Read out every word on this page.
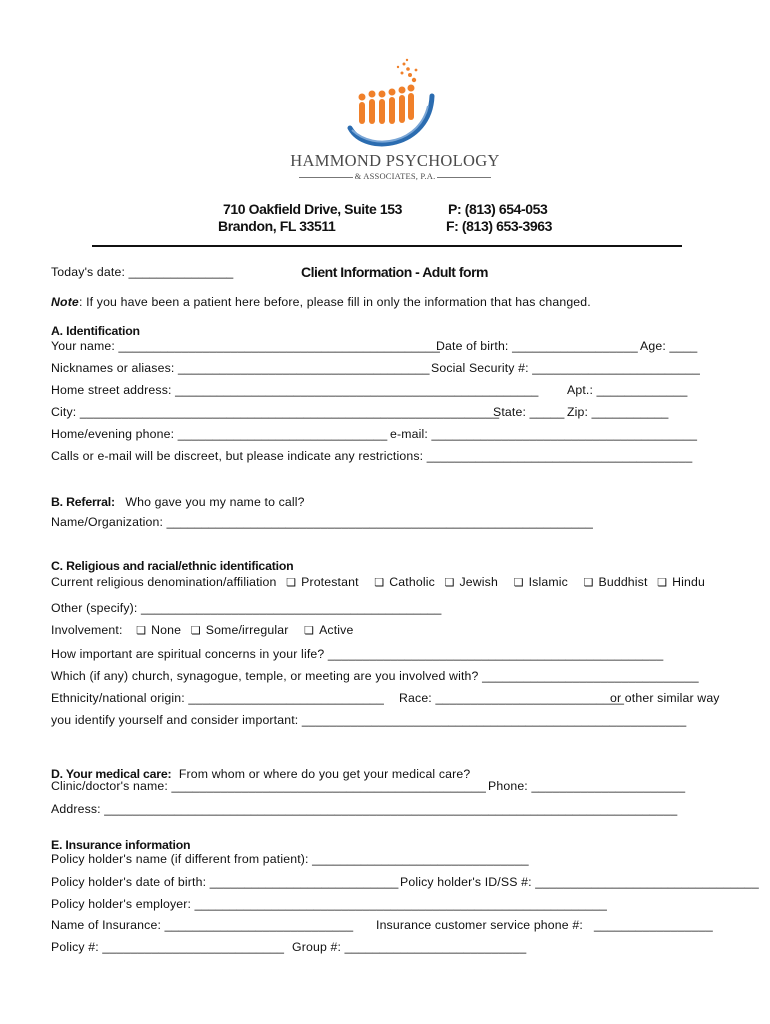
HAMMOND PSYCHOLOGY
& ASSOCIATES, P.A.
710 Oakfield Drive, Suite 153
Brandon, FL 33511
P: (813) 654-053
F: (813) 653-3963
Today's date: _______________	Client Information - Adult form
Note: If you have been a patient here before, please fill in only the information that has changed.
A. Identification
Your name: ______________________________________________
Date of birth: __________________ Age: ____
Nicknames or aliases: ____________________________________ Social Security #: ________________________
Home street address: ____________________________________________________ Apt.: _____________
City: ____________________________________________________________
State: _____ Zip: ___________
Home/evening phone: ______________________________ e-mail: ______________________________________
Calls or e-mail will be discreet, but please indicate any restrictions: ______________________________________
B. Referral: Who gave you my name to call?
Name/Organization: _____________________________________________________________
C. Religious and racial/ethnic identification
Current religious denomination/affiliation ❏ Protestant ❏ Catholic ❏ Jewish ❏ Islamic ❏ Buddhist ❏ Hindu
Other (specify): ___________________________________________
Involvement: ❏ None ❏ Some/irregular ❏ Active
How important are spiritual concerns in your life? ________________________________________________
Which (if any) church, synagogue, temple, or meeting are you involved with? _______________________________
Ethnicity/national origin: ____________________________ Race: ___________________________
or other similar way
you identify yourself and consider important: _______________________________________________________
D. Your medical care: From whom or where do you get your medical care?
Clinic/doctor's name: _____________________________________________ Phone: ______________________
Address: __________________________________________________________________________________
E. Insurance information
Policy holder's name (if different from patient): _______________________________
Policy holder's date of birth: ___________________________ Policy holder's ID/SS #: ________________________________
Policy holder's employer: ___________________________________________________________
Name of Insurance: ___________________________ Insurance customer service phone #: _________________
Policy #: __________________________ Group #: __________________________
